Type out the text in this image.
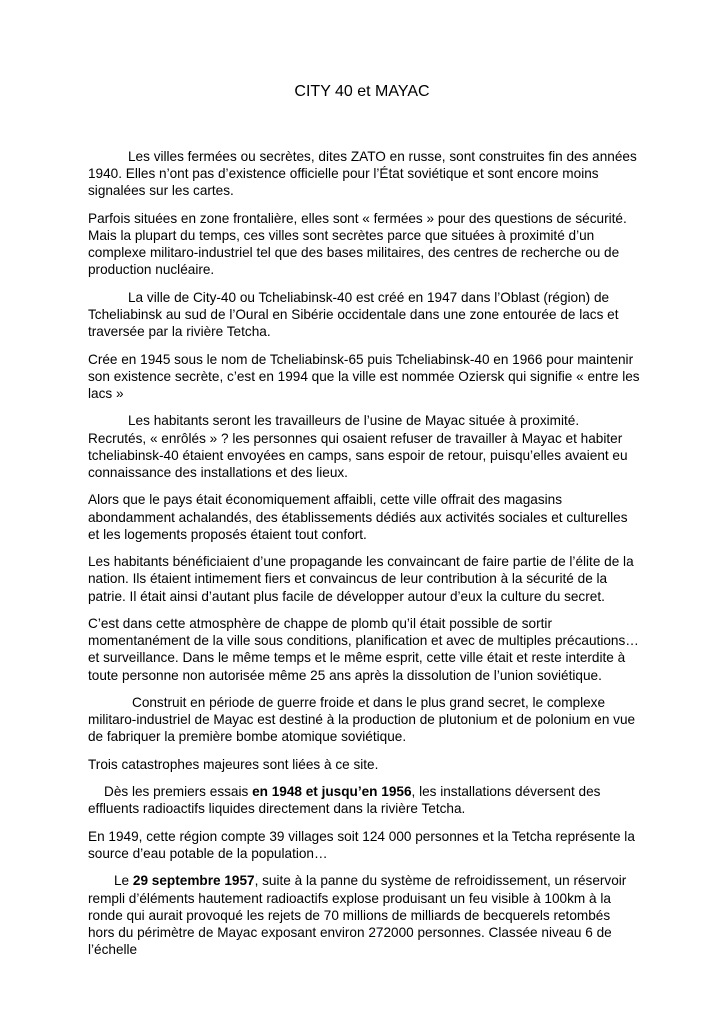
CITY 40 et MAYAC

Les villes fermées ou secrètes, dites ZATO en russe, sont construites fin des années 1940. Elles n’ont pas d’existence officielle pour l’État soviétique et sont encore moins signalées sur les cartes.

Parfois situées en zone frontalière, elles sont « fermées » pour des questions de sécurité. Mais la plupart du temps, ces villes sont secrètes parce que situées à proximité d’un complexe militaro-industriel tel que des bases militaires, des centres de recherche ou de production nucléaire.

La ville de City-40 ou Tcheliabinsk-40 est créé en 1947 dans l’Oblast (région) de Tcheliabinsk au sud de l’Oural en Sibérie occidentale dans une zone entourée de lacs et traversée par la rivière Tetcha.

Crée en 1945 sous le nom de Tcheliabinsk-65 puis Tcheliabinsk-40 en 1966 pour maintenir son existence secrète, c’est en 1994 que la ville est nommée Oziersk qui signifie « entre les lacs »

Les habitants seront les travailleurs de l’usine de Mayac située à proximité. Recrutés, « enrôlés » ? les personnes qui osaient refuser de travailler à Mayac et habiter tcheliabinsk-40 étaient envoyées en camps, sans espoir de retour, puisqu’elles avaient eu connaissance des installations et des lieux.

Alors que le pays était économiquement affaibli, cette ville offrait des magasins abondamment achalandés, des établissements dédiés aux activités sociales et culturelles et les logements proposés étaient tout confort.

Les habitants bénéficiaient d’une propagande les convaincant de faire partie de l’élite de la nation. Ils étaient intimement fiers et convaincus de leur contribution à la sécurité de la patrie. Il était ainsi d’autant plus facile de développer autour d’eux la culture du secret.

C’est dans cette atmosphère de chappe de plomb qu’il était possible de sortir momentanément de la ville sous conditions, planification et avec de multiples précautions…et surveillance. Dans le même temps et le même esprit, cette ville était et reste interdite à toute personne non autorisée même 25 ans après la dissolution de l’union soviétique.

Construit en période de guerre froide et dans le plus grand secret, le complexe militaro-industriel de Mayac est destiné à la production de plutonium et de polonium en vue de fabriquer la première bombe atomique soviétique.

Trois catastrophes majeures sont liées à ce site.

Dès les premiers essais en 1948 et jusqu’en 1956, les installations déversent des effluents radioactifs liquides directement dans la rivière Tetcha.

En 1949, cette région compte 39 villages soit 124 000 personnes et la Tetcha représente la source d’eau potable de la population…

Le 29 septembre 1957, suite à la panne du système de refroidissement, un réservoir rempli d’éléments hautement radioactifs explose produisant un feu visible à 100km à la ronde qui aurait provoqué les rejets de 70 millions de milliards de becquerels retombés hors du périmètre de Mayac exposant environ 272000 personnes. Classée niveau 6 de l’échelle
